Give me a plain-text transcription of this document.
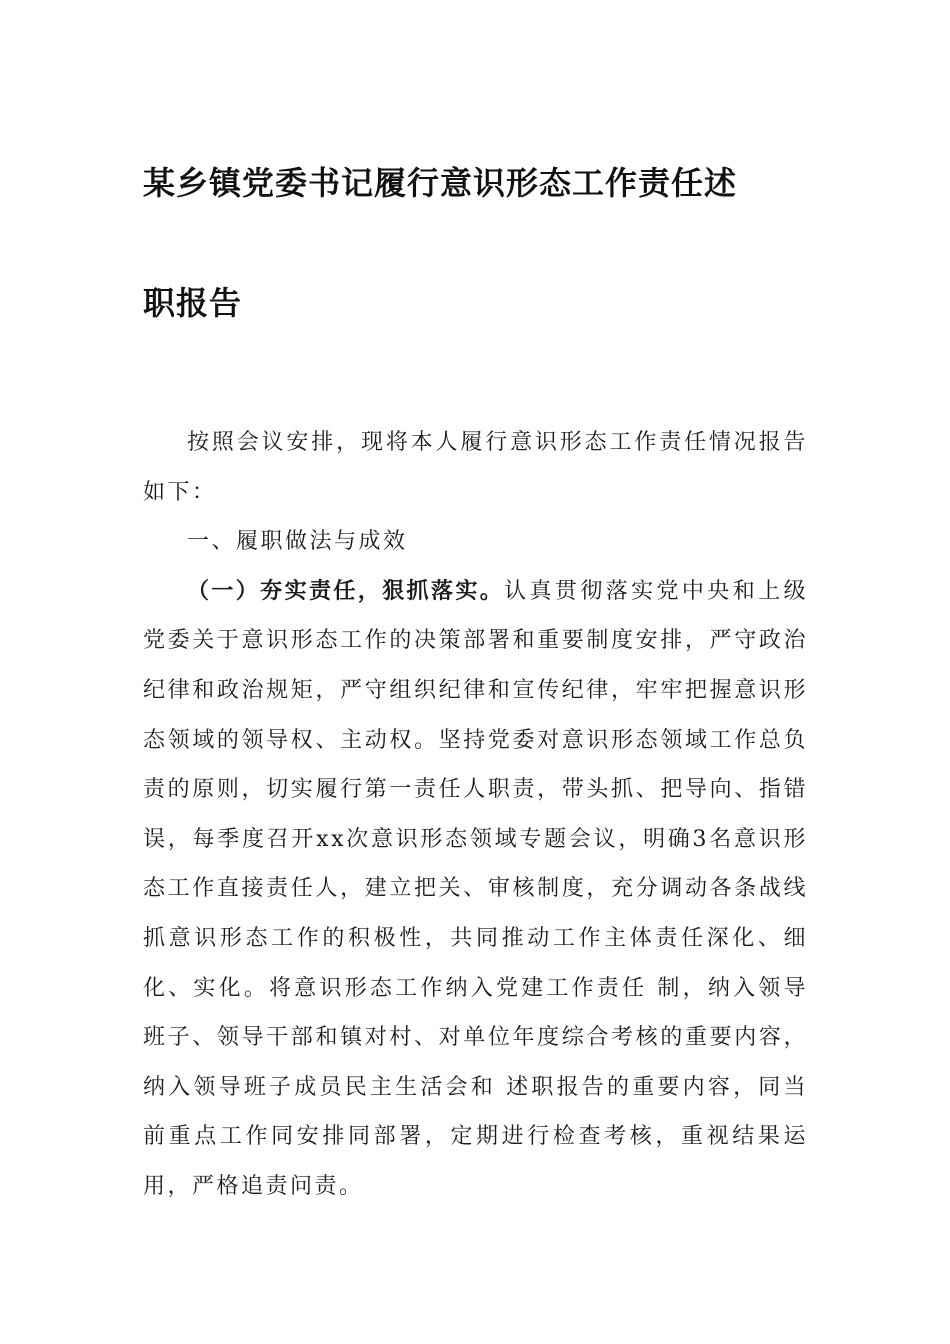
某乡镇党委书记履行意识形态工作责任述
职报告

按照会议安排，现将本人履行意识形态工作责任情况报告如下：

一、履职做法与成效

（一）夯实责任，狠抓落实。认真贯彻落实党中央和上级党委关于意识形态工作的决策部署和重要制度安排，严守政治纪律和政治规矩，严守组织纪律和宣传纪律，牢牢把握意识形态领域的领导权、主动权。坚持党委对意识形态领域工作总负责的原则，切实履行第一责任人职责，带头抓、把导向、指错误，每季度召开xx次意识形态领域专题会议，明确3名意识形态工作直接责任人，建立把关、审核制度，充分调动各条战线抓意识形态工作的积极性，共同推动工作主体责任深化、细化、实化。将意识形态工作纳入党建工作责任 制，纳入领导班子、领导干部和镇对村、对单位年度综合考核的重要内容，纳入领导班子成员民主生活会和 述职报告的重要内容，同当前重点工作同安排同部署，定期进行检查考核，重视结果运用，严格追责问责。
